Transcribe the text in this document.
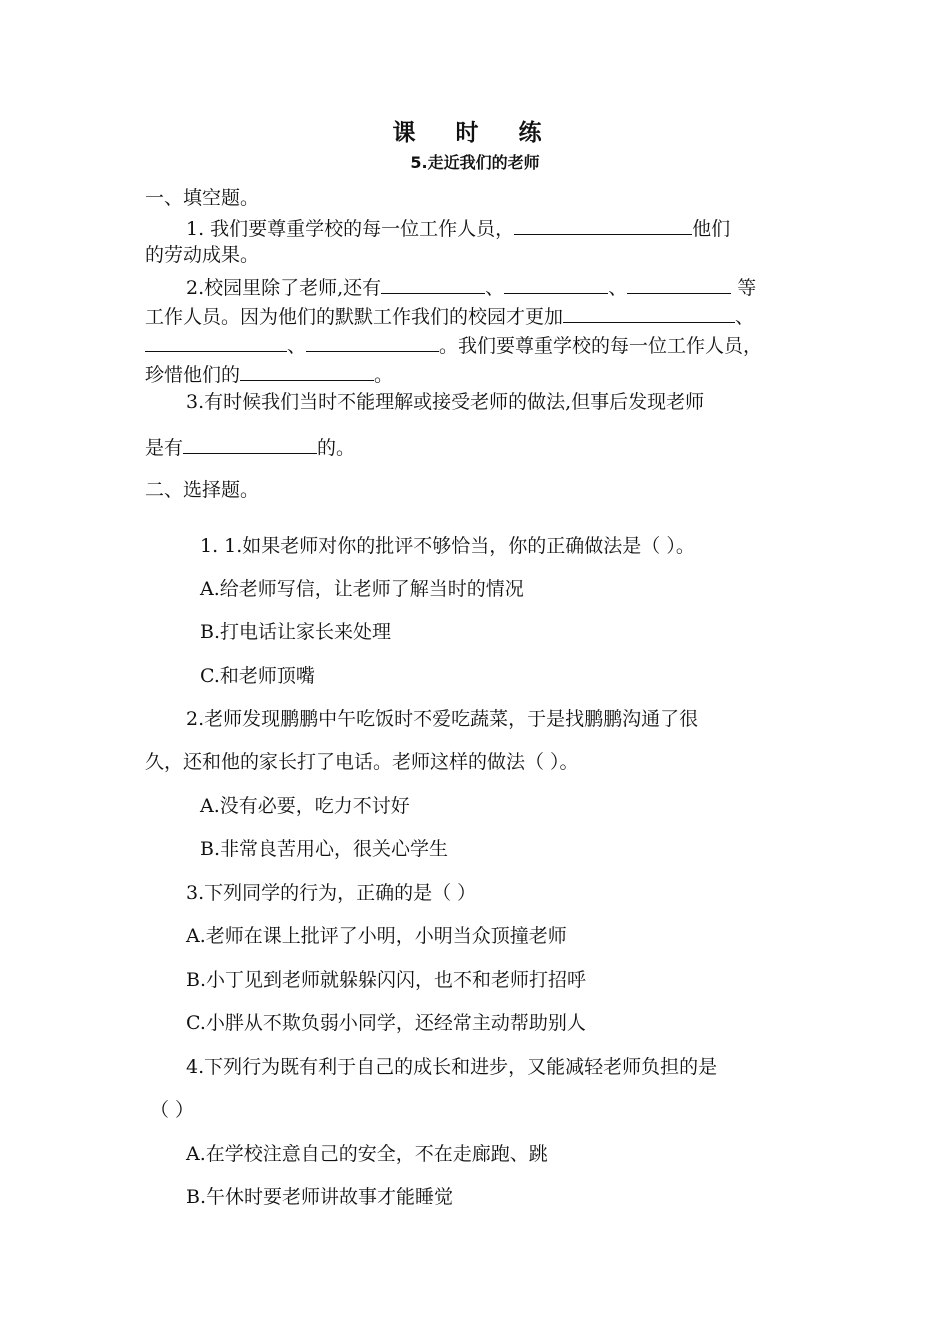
课 时 练
5.走近我们的老师
一、填空题。
1. 我们要尊重学校的每一位工作人员，	他们
的劳动成果。
2.校园里除了老师,还有	、	、	等
工作人员。因为他们的默默工作我们的校园才更加	、
、	。我们要尊重学校的每一位工作人员，
珍惜他们的	。
3.有时候我们当时不能理解或接受老师的做法,但事后发现老师
是有	的。
二、选择题。
1. 1.如果老师对你的批评不够恰当，你的正确做法是（ ）。
A.给老师写信，让老师了解当时的情况
B.打电话让家长来处理
C.和老师顶嘴
2.老师发现鹏鹏中午吃饭时不爱吃蔬菜，于是找鹏鹏沟通了很
久，还和他的家长打了电话。老师这样的做法（ ）。
A.没有必要，吃力不讨好
B.非常良苦用心，很关心学生
3.下列同学的行为，正确的是（ ）
A.老师在课上批评了小明，小明当众顶撞老师
B.小丁见到老师就躲躲闪闪，也不和老师打招呼
C.小胖从不欺负弱小同学，还经常主动帮助别人
4.下列行为既有利于自己的成长和进步，又能减轻老师负担的是
（ ）
A.在学校注意自己的安全，不在走廊跑、跳
B.午休时要老师讲故事才能睡觉
